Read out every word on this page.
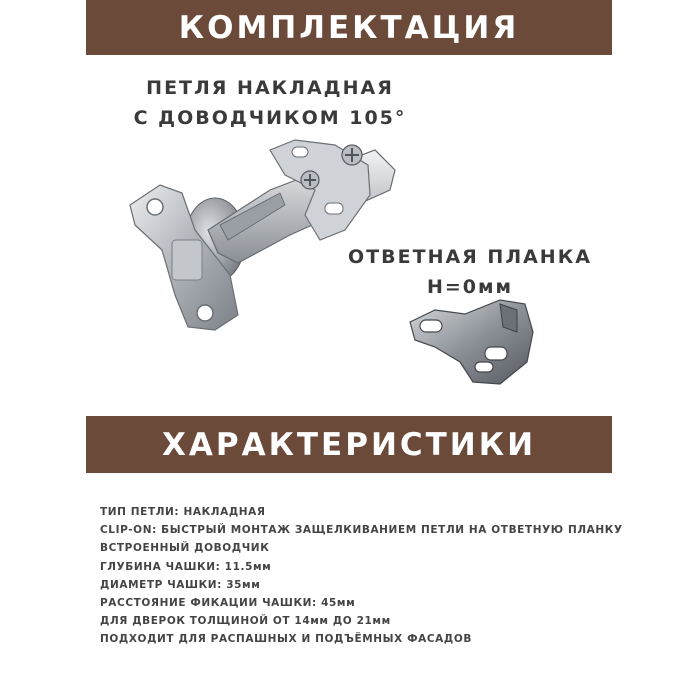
КОМПЛЕКТАЦИЯ
ПЕТЛЯ НАКЛАДНАЯ
С ДОВОДЧИКОМ 105°
ОТВЕТНАЯ ПЛАНКА
Н=0мм
ХАРАКТЕРИСТИКИ
ТИП ПЕТЛИ: НАКЛАДНАЯ
CLIP-ON: БЫСТРЫЙ МОНТАЖ ЗАЩЕЛКИВАНИЕМ ПЕТЛИ НА ОТВЕТНУЮ ПЛАНКУ
ВСТРОЕННЫЙ ДОВОДЧИК
ГЛУБИНА ЧАШКИ: 11.5мм
ДИАМЕТР ЧАШКИ: 35мм
РАССТОЯНИЕ ФИКАЦИИ ЧАШКИ: 45мм
ДЛЯ ДВЕРОК ТОЛЩИНОЙ ОТ 14мм ДО 21мм
ПОДХОДИТ ДЛЯ РАСПАШНЫХ И ПОДЪЁМНЫХ ФАСАДОВ
